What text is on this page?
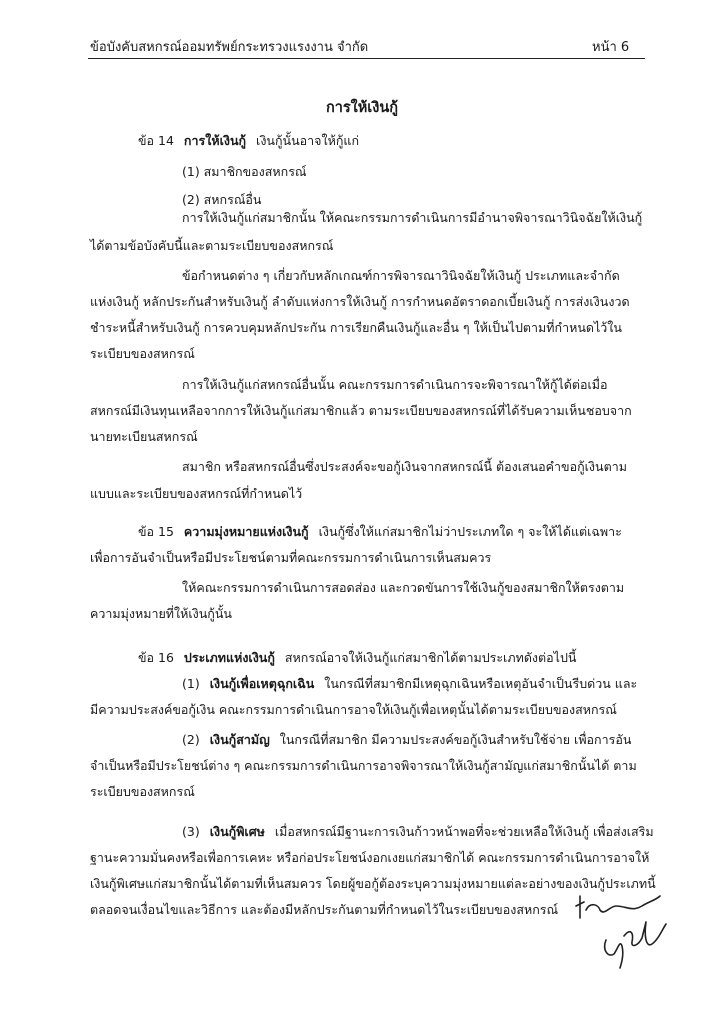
ข้อบังคับสหกรณ์ออมทรัพย์กระทรวงแรงงาน จำกัด	หน้า 6
การให้เงินกู้
ข้อ 14 การให้เงินกู้ เงินกู้นั้นอาจให้กู้แก่
(1) สมาชิกของสหกรณ์
(2) สหกรณ์อื่น
การให้เงินกู้แก่สมาชิกนั้น ให้คณะกรรมการดำเนินการมีอำนาจพิจารณาวินิจฉัยให้เงินกู้
ได้ตามข้อบังคับนี้และตามระเบียบของสหกรณ์
ข้อกำหนดต่าง ๆ เกี่ยวกับหลักเกณฑ์การพิจารณาวินิจฉัยให้เงินกู้ ประเภทและจำกัด
แห่งเงินกู้ หลักประกันสำหรับเงินกู้ ลำดับแห่งการให้เงินกู้ การกำหนดอัตราดอกเบี้ยเงินกู้ การส่งเงินงวด
ชำระหนี้สำหรับเงินกู้ การควบคุมหลักประกัน การเรียกคืนเงินกู้และอื่น ๆ ให้เป็นไปตามที่กำหนดไว้ใน
ระเบียบของสหกรณ์
การให้เงินกู้แก่สหกรณ์อื่นนั้น คณะกรรมการดำเนินการจะพิจารณาให้กู้ได้ต่อเมื่อ
สหกรณ์มีเงินทุนเหลือจากการให้เงินกู้แก่สมาชิกแล้ว ตามระเบียบของสหกรณ์ที่ได้รับความเห็นชอบจาก
นายทะเบียนสหกรณ์
สมาชิก หรือสหกรณ์อื่นซึ่งประสงค์จะขอกู้เงินจากสหกรณ์นี้ ต้องเสนอคำขอกู้เงินตาม
แบบและระเบียบของสหกรณ์ที่กำหนดไว้
ข้อ 15 ความมุ่งหมายแห่งเงินกู้ เงินกู้ซึ่งให้แก่สมาชิกไม่ว่าประเภทใด ๆ จะให้ได้แต่เฉพาะ
เพื่อการอันจำเป็นหรือมีประโยชน์ตามที่คณะกรรมการดำเนินการเห็นสมควร
ให้คณะกรรมการดำเนินการสอดส่อง และกวดขันการใช้เงินกู้ของสมาชิกให้ตรงตาม
ความมุ่งหมายที่ให้เงินกู้นั้น
ข้อ 16 ประเภทแห่งเงินกู้ สหกรณ์อาจให้เงินกู้แก่สมาชิกได้ตามประเภทดังต่อไปนี้
(1) เงินกู้เพื่อเหตุฉุกเฉิน ในกรณีที่สมาชิกมีเหตุฉุกเฉินหรือเหตุอันจำเป็นรีบด่วน และ
มีความประสงค์ขอกู้เงิน คณะกรรมการดำเนินการอาจให้เงินกู้เพื่อเหตุนั้นได้ตามระเบียบของสหกรณ์
(2) เงินกู้สามัญ ในกรณีที่สมาชิก มีความประสงค์ขอกู้เงินสำหรับใช้จ่าย เพื่อการอัน
จำเป็นหรือมีประโยชน์ต่าง ๆ คณะกรรมการดำเนินการอาจพิจารณาให้เงินกู้สามัญแก่สมาชิกนั้นได้ ตาม
ระเบียบของสหกรณ์
(3) เงินกู้พิเศษ เมื่อสหกรณ์มีฐานะการเงินก้าวหน้าพอที่จะช่วยเหลือให้เงินกู้ เพื่อส่งเสริม
ฐานะความมั่นคงหรือเพื่อการเคหะ หรือก่อประโยชน์งอกเงยแก่สมาชิกได้ คณะกรรมการดำเนินการอาจให้
เงินกู้พิเศษแก่สมาชิกนั้นได้ตามที่เห็นสมควร โดยผู้ขอกู้ต้องระบุความมุ่งหมายแต่ละอย่างของเงินกู้ประเภทนี้
ตลอดจนเงื่อนไขและวิธีการ และต้องมีหลักประกันตามที่กำหนดไว้ในระเบียบของสหกรณ์
